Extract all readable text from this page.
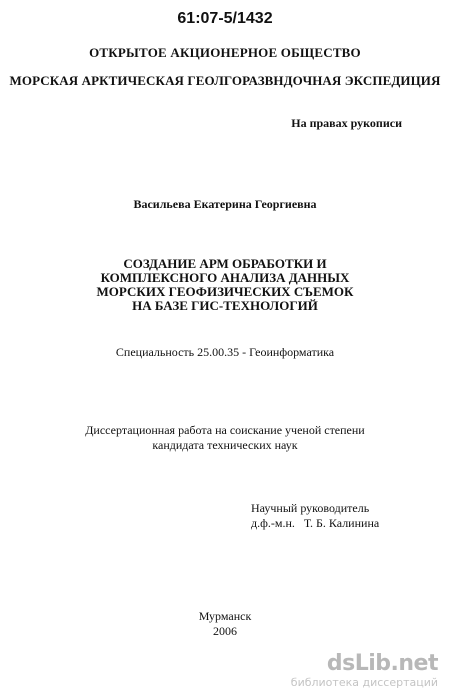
61:07-5/1432
ОТКРЫТОЕ АКЦИОНЕРНОЕ ОБЩЕСТВО
МОРСКАЯ АРКТИЧЕСКАЯ ГЕОЛГОРАЗВНДОЧНАЯ ЭКСПЕДИЦИЯ
На правах рукописи
Васильева Екатерина Георгиевна
СОЗДАНИЕ АРМ ОБРАБОТКИ И
КОМПЛЕКСНОГО АНАЛИЗА ДАННЫХ
МОРСКИХ ГЕОФИЗИЧЕСКИХ СЪЕМОК
НА БАЗЕ ГИС-ТЕХНОЛОГИЙ
Специальность 25.00.35 - Геоинформатика
Диссертационная работа на соискание ученой степени
кандидата технических наук
Научный руководитель
д.ф.-м.н.   Т. Б. Калинина
Мурманск
2006
dsLib.net
библиотека диссертаций
